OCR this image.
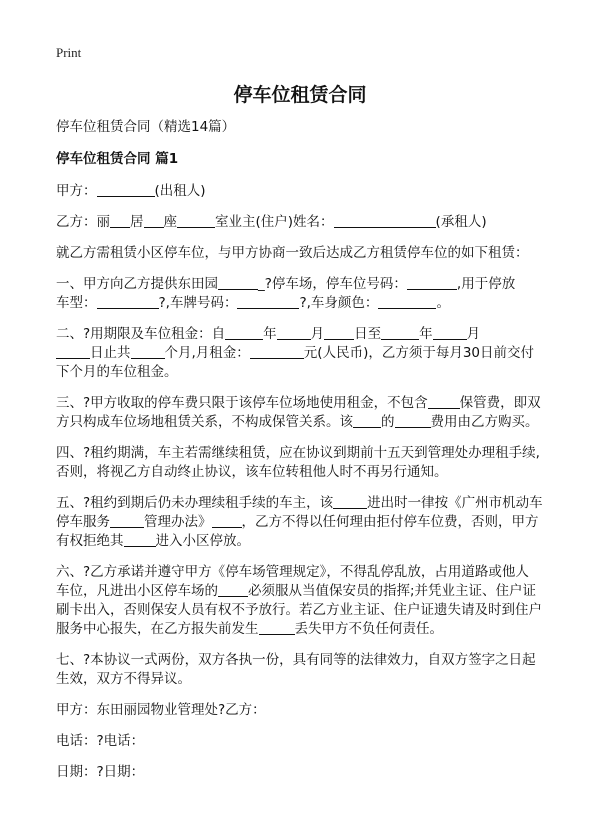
Print
停车位租赁合同
停车位租赁合同（精选14篇）
停车位租赁合同 篇1
甲方：	(出租人)
乙方：丽 居 座	室业主(住户)姓名：	(承租人)
就乙方需租赁小区停车位，与甲方协商一致后达成乙方租赁停车位的如下租赁：
一、甲方向乙方提供东田园	_?停车场，停车位号码：	,用于停放
车型：	?,车牌号码：	?,车身颜色：	。
二、?用期限及车位租金：自	年	月 日至	年	月
日止共	个月,月租金：	元(人民币)，乙方须于每月30日前交付
下个月的车位租金。
三、?甲方收取的停车费只限于该停车位场地使用租金，不包含 保管费，即双
方只构成车位场地租赁关系，不构成保管关系。该 的	费用由乙方购买。
四、?租约期满，车主若需继续租赁，应在协议到期前十五天到管理处办理租手续,
否则，将视乙方自动终止协议，该车位转租他人时不再另行通知。
五、?租约到期后仍未办理续租手续的车主，该	进出时一律按《广州市机动车
停车服务	管理办法》 ，乙方不得以任何理由拒付停车位费，否则，甲方
有权拒绝其 进入小区停放。
六、?乙方承诺并遵守甲方《停车场管理规定》，不得乱停乱放，占用道路或他人
车位，凡进出小区停车场的 必须服从当值保安员的指挥;并凭业主证、住户证
刷卡出入，否则保安人员有权不予放行。若乙方业主证、住户证遗失请及时到住户
服务中心报失，在乙方报失前发生	丢失甲方不负任何责任。
七、?本协议一式两份，双方各执一份，具有同等的法律效力，自双方签字之日起
生效，双方不得异议。
甲方：东田丽园物业管理处?乙方：
电话：?电话：
日期：?日期：
